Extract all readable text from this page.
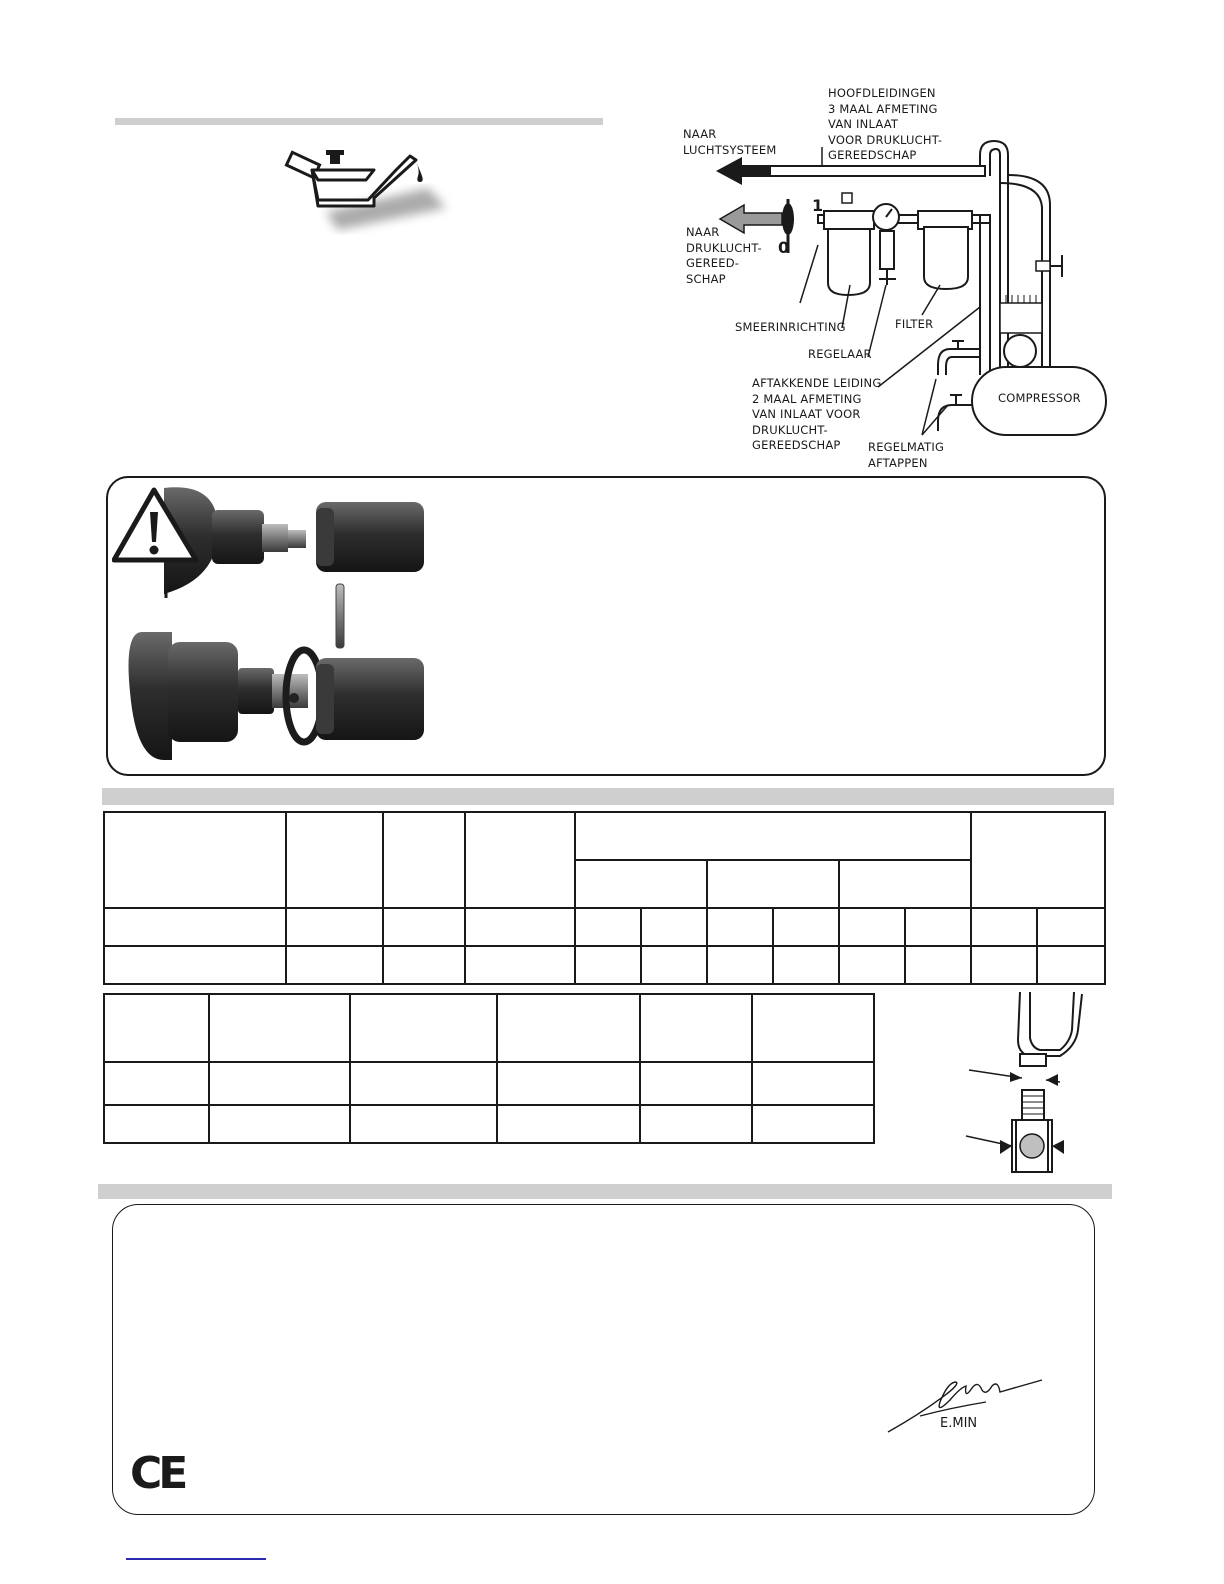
1
0
HOOFDLEIDINGEN
3 MAAL AFMETING
VAN INLAAT
VOOR DRUKLUCHT-
GEREEDSCHAP
NAAR
LUCHTSYSTEEM
NAAR
DRUKLUCHT-
GEREED-
SCHAP
SMEERINRICHTING	FILTER
REGELAAR
AFTAKKENDE LEIDING
2 MAAL AFMETING
VAN INLAAT VOOR
DRUKLUCHT-
GEREEDSCHAP
COMPRESSOR
REGELMATIG
AFTAPPEN

E.MIN
CE
